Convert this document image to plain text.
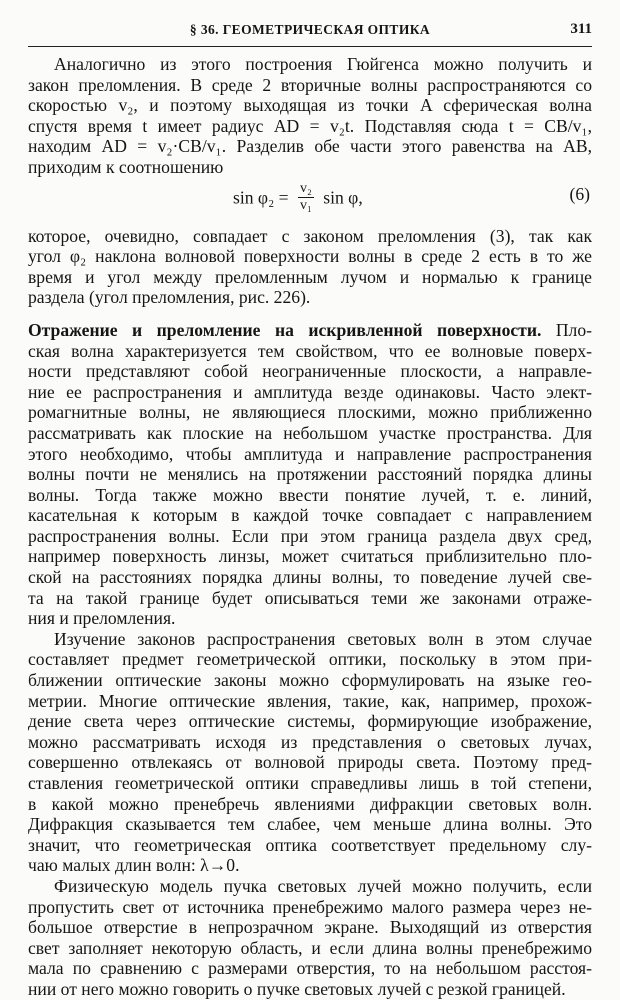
§ 36. ГЕОМЕТРИЧЕСКАЯ ОПТИКА	311
Аналогично из этого построения Гюйгенса можно получить и
закон преломления. В среде 2 вторичные волны распространяются со
скоростью v₂, и поэтому выходящая из точки A сферическая волна
спустя время t имеет радиус AD = v₂t. Подставляя сюда t = CB/v₁,
находим AD = v₂·CB/v₁. Разделив обе части этого равенства на AB,
приходим к соотношению
$\sin \varphi_2 = \frac{\text{v₂}}{\text{v₁}}$ sin φ,	(6)
которое, очевидно, совпадает с законом преломления (3), так как
угол φ₂ наклона волновой поверхности волны в среде 2 есть в то же
время и угол между преломленным лучом и нормалью к границе
раздела (угол преломления, рис. 226).
Отражение и преломление на искривленной поверхности. Пло-
ская волна характеризуется тем свойством, что ее волновые поверх-
ности представляют собой неограниченные плоскости, а направле-
ние ее распространения и амплитуда везде одинаковы. Часто элект-
ромагнитные волны, не являющиеся плоскими, можно приближенно
рассматривать как плоские на небольшом участке пространства. Для
этого необходимо, чтобы амплитуда и направление распространения
волны почти не менялись на протяжении расстояний порядка длины
волны. Тогда также можно ввести понятие лучей, т. е. линий,
касательная к которым в каждой точке совпадает с направлением
распространения волны. Если при этом граница раздела двух сред,
например поверхность линзы, может считаться приблизительно пло-
ской на расстояниях порядка длины волны, то поведение лучей све-
та на такой границе будет описываться теми же законами отраже-
ния и преломления.
Изучение законов распространения световых волн в этом случае
составляет предмет геометрической оптики, поскольку в этом при-
ближении оптические законы можно сформулировать на языке гео-
метрии. Многие оптические явления, такие, как, например, прохож-
дение света через оптические системы, формирующие изображение,
можно рассматривать исходя из представления о световых лучах,
совершенно отвлекаясь от волновой природы света. Поэтому пред-
ставления геометрической оптики справедливы лишь в той степени,
в какой можно пренебречь явлениями дифракции световых волн.
Дифракция сказывается тем слабее, чем меньше длина волны. Это
значит, что геометрическая оптика соответствует предельному слу-
чаю малых длин волн: λ→0.
Физическую модель пучка световых лучей можно получить, если
пропустить свет от источника пренебрежимо малого размера через не-
большое отверстие в непрозрачном экране. Выходящий из отверстия
свет заполняет некоторую область, и если длина волны пренебрежимо
мала по сравнению с размерами отверстия, то на небольшом расстоя-
нии от него можно говорить о пучке световых лучей с резкой границей.
